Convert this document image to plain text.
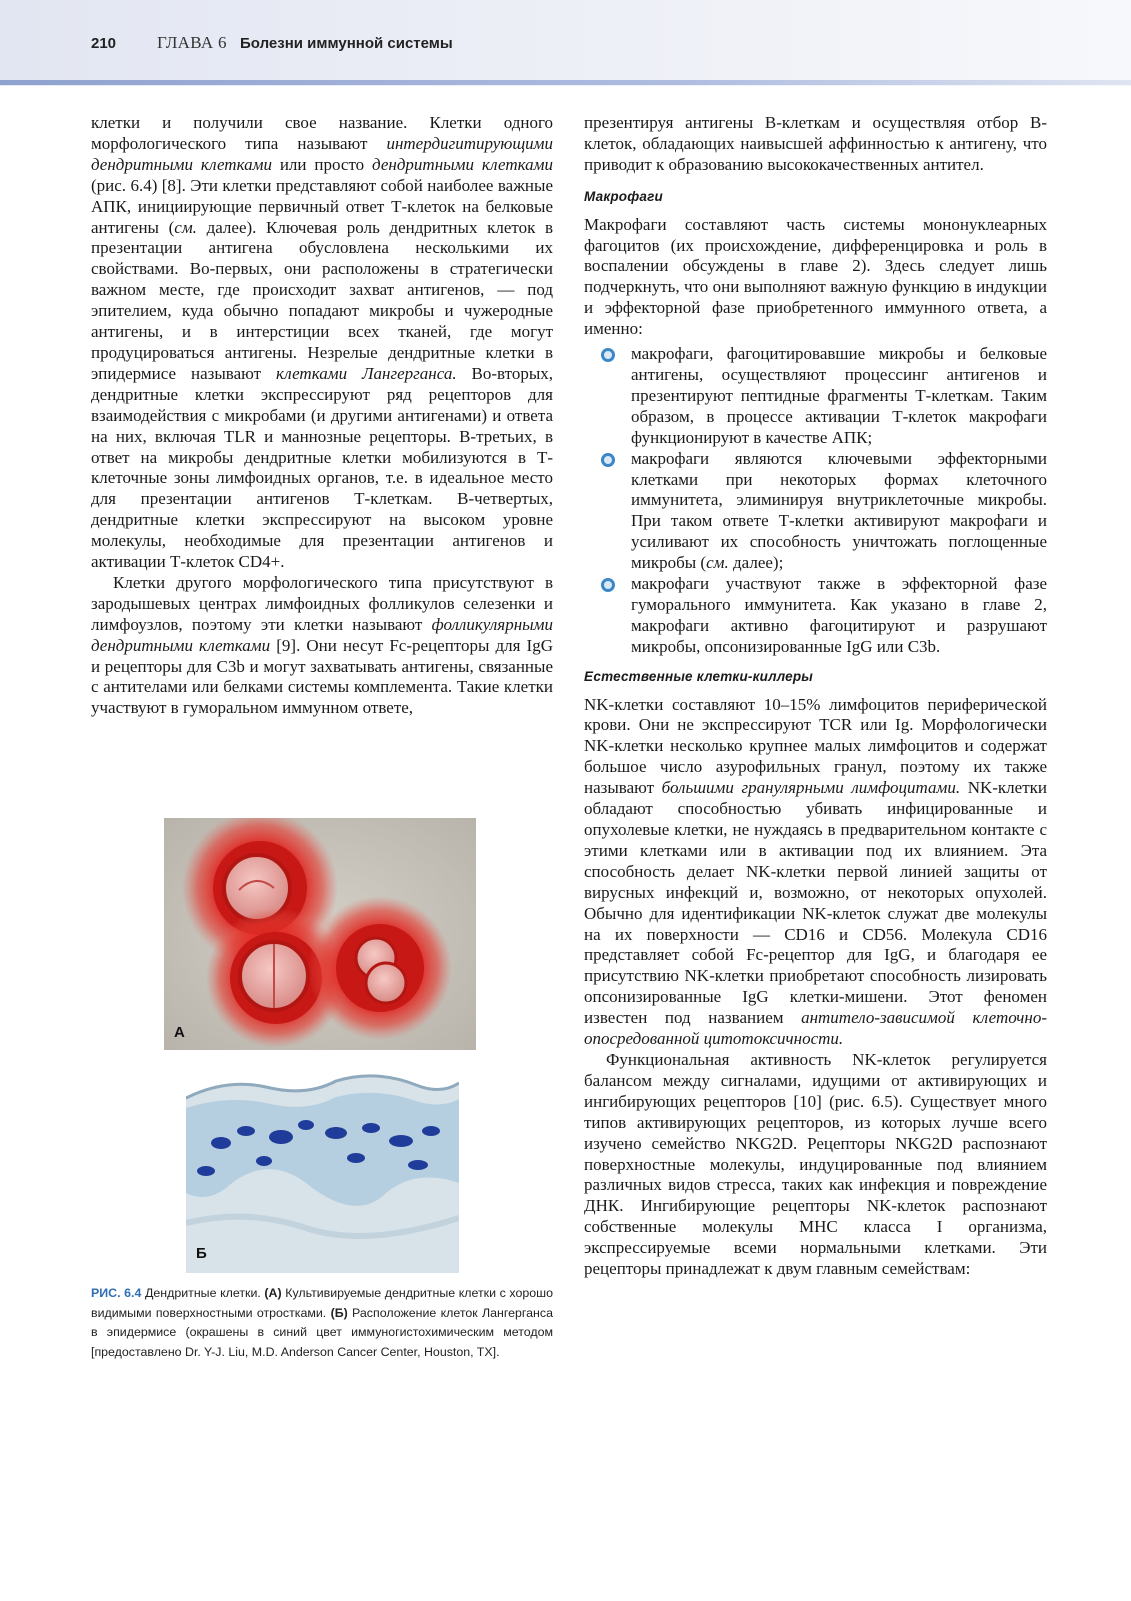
210 ГЛАВА 6 Болезни иммунной системы

клетки и получили свое название. Клетки одного морфологического типа называют интердигитирующими дендритными клетками или просто дендритными клетками (рис. 6.4) [8]. Эти клетки представляют собой наиболее важные АПК, инициирующие первичный ответ Т-клеток на белковые антигены (см. далее). Ключевая роль дендритных клеток в презентации антигена обусловлена несколькими их свойствами. Во-первых, они расположены в стратегически важном месте, где происходит захват антигенов, — под эпителием, куда обычно попадают микробы и чужеродные антигены, и в интерстиции всех тканей, где могут продуцироваться антигены. Незрелые дендритные клетки в эпидермисе называют клетками Лангерганса. Во-вторых, дендритные клетки экспрессируют ряд рецепторов для взаимодействия с микробами (и другими антигенами) и ответа на них, включая TLR и маннозные рецепторы. В-третьих, в ответ на микробы дендритные клетки мобилизуются в Т-клеточные зоны лимфоидных органов, т.е. в идеальное место для презентации антигенов Т-клеткам. В-четвертых, дендритные клетки экспрессируют на высоком уровне молекулы, необходимые для презентации антигенов и активации Т-клеток CD4+.

Клетки другого морфологического типа присутствуют в зародышевых центрах лимфоидных фолликулов селезенки и лимфоузлов, поэтому эти клетки называют фолликулярными дендритными клетками [9]. Они несут Fc-рецепторы для IgG и рецепторы для C3b и могут захватывать антигены, связанные с антителами или белками системы комплемента. Такие клетки участвуют в гуморальном иммунном ответе,

А
Б
РИС. 6.4 Дендритные клетки. (А) Культивируемые дендритные клетки с хорошо видимыми поверхностными отростками. (Б) Расположение клеток Лангерганса в эпидермисе (окрашены в синий цвет иммуногистохимическим методом [предоставлено Dr. Y-J. Liu, M.D. Anderson Cancer Center, Houston, TX].

презентируя антигены В-клеткам и осуществляя отбор В-клеток, обладающих наивысшей аффинностью к антигену, что приводит к образованию высококачественных антител.

Макрофаги

Макрофаги составляют часть системы мононуклеарных фагоцитов (их происхождение, дифференцировка и роль в воспалении обсуждены в главе 2). Здесь следует лишь подчеркнуть, что они выполняют важную функцию в индукции и эффекторной фазе приобретенного иммунного ответа, а именно:

макрофаги, фагоцитировавшие микробы и белковые антигены, осуществляют процессинг антигенов и презентируют пептидные фрагменты Т-клеткам. Таким образом, в процессе активации Т-клеток макрофаги функционируют в качестве АПК;
макрофаги являются ключевыми эффекторными клетками при некоторых формах клеточного иммунитета, элиминируя внутриклеточные микробы. При таком ответе Т-клетки активируют макрофаги и усиливают их способность уничтожать поглощенные микробы (см. далее);
макрофаги участвуют также в эффекторной фазе гуморального иммунитета. Как указано в главе 2, макрофаги активно фагоцитируют и разрушают микробы, опсонизированные IgG или C3b.
Естественные клетки-киллеры

NK-клетки составляют 10–15% лимфоцитов периферической крови. Они не экспрессируют TCR или Ig. Морфологически NK-клетки несколько крупнее малых лимфоцитов и содержат большое число азурофильных гранул, поэтому их также называют большими гранулярными лимфоцитами. NK-клетки обладают способностью убивать инфицированные и опухолевые клетки, не нуждаясь в предварительном контакте с этими клетками или в активации под их влиянием. Эта способность делает NK-клетки первой линией защиты от вирусных инфекций и, возможно, от некоторых опухолей. Обычно для идентификации NK-клеток служат две молекулы на их поверхности — CD16 и CD56. Молекула CD16 представляет собой Fc-рецептор для IgG, и благодаря ее присутствию NK-клетки приобретают способность лизировать опсонизированные IgG клетки-мишени. Этот феномен известен под названием антитело-зависимой клеточно-опосредованной цитотоксичности.

Функциональная активность NK-клеток регулируется балансом между сигналами, идущими от активирующих и ингибирующих рецепторов [10] (рис. 6.5). Существует много типов активирующих рецепторов, из которых лучше всего изучено семейство NKG2D. Рецепторы NKG2D распознают поверхностные молекулы, индуцированные под влиянием различных видов стресса, таких как инфекция и повреждение ДНК. Ингибирующие рецепторы NK-клеток распознают собственные молекулы MHC класса I организма, экспрессируемые всеми нормальными клетками. Эти рецепторы принадлежат к двум главным семействам:
